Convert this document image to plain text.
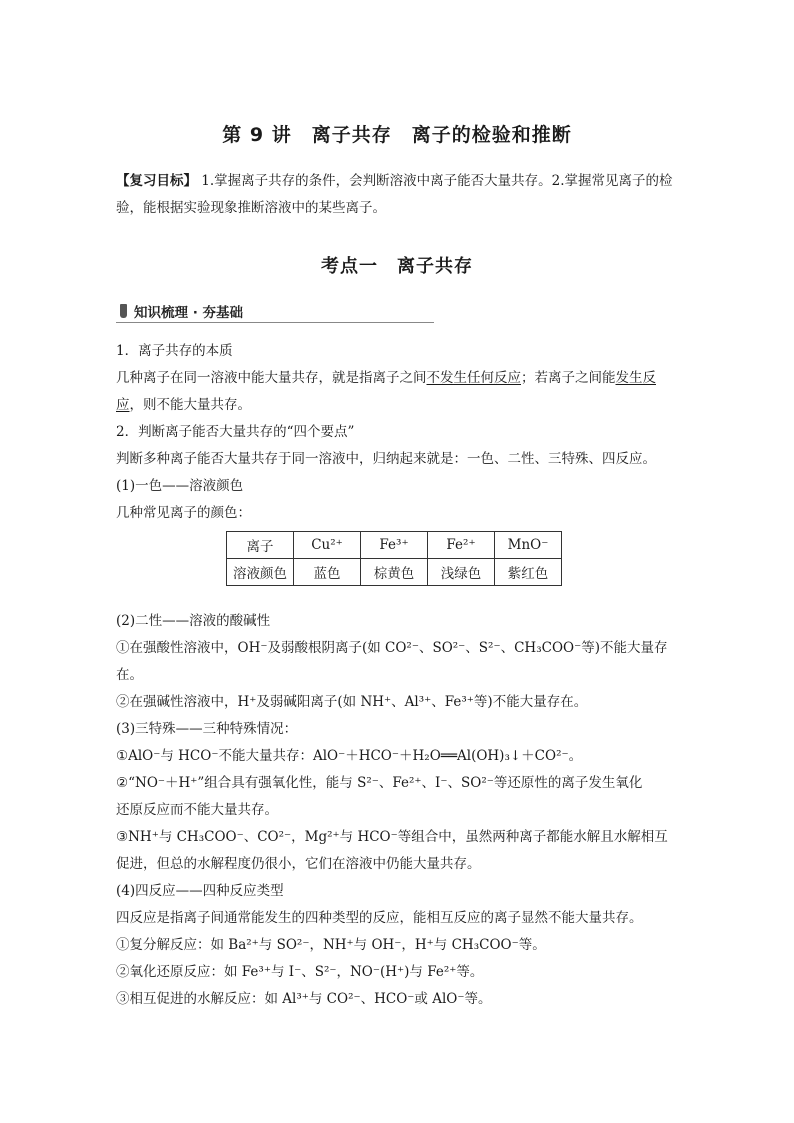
第 9 讲　离子共存　离子的检验和推断
【复习目标】 1.掌握离子共存的条件，会判断溶液中离子能否大量共存。2.掌握常见离子的检
验，能根据实验现象推断溶液中的某些离子。
考点一　离子共存
知识梳理 · 夯基础
1．离子共存的本质
几种离子在同一溶液中能大量共存，就是指离子之间不发生任何反应；若离子之间能发生反
应，则不能大量共存。
2．判断离子能否大量共存的“四个要点”
判断多种离子能否大量共存于同一溶液中，归纳起来就是：一色、二性、三特殊、四反应。
(1)一色——溶液颜色
几种常见离子的颜色：
离子	Cu²⁺	Fe³⁺	Fe²⁺	MnO⁻
溶液颜色	蓝色	棕黄色	浅绿色	紫红色
(2)二性——溶液的酸碱性
①在强酸性溶液中，OH⁻及弱酸根阴离子(如 CO²⁻、SO²⁻、S²⁻、CH₃COO⁻等)不能大量存
在。
②在强碱性溶液中，H⁺及弱碱阳离子(如 NH⁺、Al³⁺、Fe³⁺等)不能大量存在。
(3)三特殊——三种特殊情况：
①AlO⁻与 HCO⁻不能大量共存：AlO⁻＋HCO⁻＋H₂O══Al(OH)₃↓＋CO²⁻。
②“NO⁻＋H⁺”组合具有强氧化性，能与 S²⁻、Fe²⁺、I⁻、SO²⁻等还原性的离子发生氧化
还原反应而不能大量共存。
③NH⁺与 CH₃COO⁻、CO²⁻，Mg²⁺与 HCO⁻等组合中，虽然两种离子都能水解且水解相互
促进，但总的水解程度仍很小，它们在溶液中仍能大量共存。
(4)四反应——四种反应类型
四反应是指离子间通常能发生的四种类型的反应，能相互反应的离子显然不能大量共存。
①复分解反应：如 Ba²⁺与 SO²⁻，NH⁺与 OH⁻，H⁺与 CH₃COO⁻等。
②氧化还原反应：如 Fe³⁺与 I⁻、S²⁻，NO⁻(H⁺)与 Fe²⁺等。
③相互促进的水解反应：如 Al³⁺与 CO²⁻、HCO⁻或 AlO⁻等。
